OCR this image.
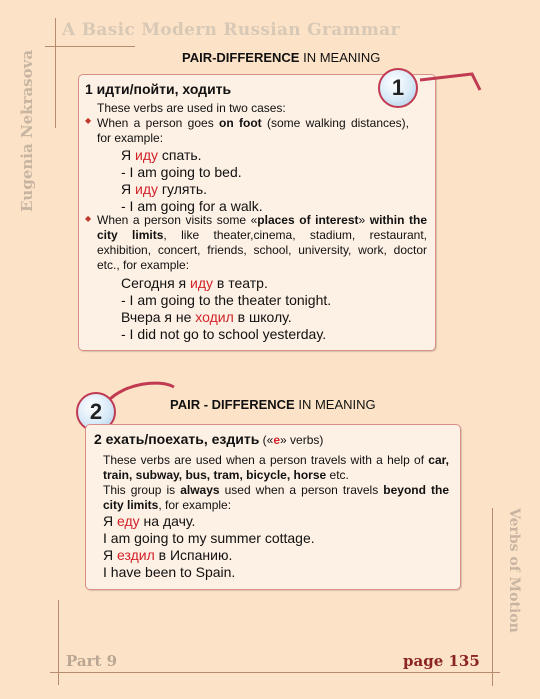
A Basic Modern Russian Grammar
Eugenia Nekrasova
Verbs of Motion
Part 9	page 135
PAIR-DIFFERENCE IN MEANING
1 идти/пойти, ходить
These verbs are used in two cases:
◆ When a person goes on foot (some walking distances), for example:
Я иду спать.
- I am going to bed.
Я иду гулять.
- I am going for a walk.
◆ When a person visits some «places of interest» within the city limits, like theater,cinema, stadium, restaurant, exhibition, concert, friends, school, university, work, doctor etc., for example:
Сегодня я иду в театр.
- I am going to the theater tonight.
Вчера я не ходил в школу.
- I did not go to school yesterday.
1
2	PAIR - DIFFERENCE IN MEANING
2 ехать/поехать, ездить («е» verbs)
These verbs are used when a person travels with a help of car, train, subway, bus, tram, bicycle, horse etc.
This group is always used when a person travels beyond the city limits, for example:
Я еду на дачу.
I am going to my summer cottage.
Я ездил в Испанию.
I have been to Spain.
